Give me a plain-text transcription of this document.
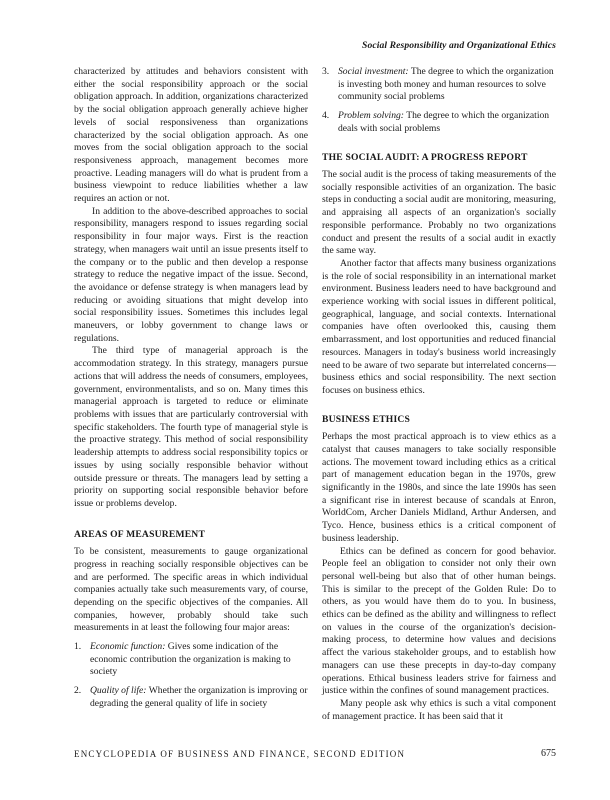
Social Responsibility and Organizational Ethics

characterized by attitudes and behaviors consistent with either the social responsibility approach or the social obligation approach. In addition, organizations characterized by the social obligation approach generally achieve higher levels of social responsiveness than organizations characterized by the social obligation approach. As one moves from the social obligation approach to the social responsiveness approach, management becomes more proactive. Leading managers will do what is prudent from a business viewpoint to reduce liabilities whether a law requires an action or not.

In addition to the above-described approaches to social responsibility, managers respond to issues regarding social responsibility in four major ways. First is the reaction strategy, when managers wait until an issue presents itself to the company or to the public and then develop a response strategy to reduce the negative impact of the issue. Second, the avoidance or defense strategy is when managers lead by reducing or avoiding situations that might develop into social responsibility issues. Sometimes this includes legal maneuvers, or lobby government to change laws or regulations.

The third type of managerial approach is the accommodation strategy. In this strategy, managers pursue actions that will address the needs of consumers, employees, government, environmentalists, and so on. Many times this managerial approach is targeted to reduce or eliminate problems with issues that are particularly controversial with specific stakeholders. The fourth type of managerial style is the proactive strategy. This method of social responsibility leadership attempts to address social responsibility topics or issues by using socially responsible behavior without outside pressure or threats. The managers lead by setting a priority on supporting social responsible behavior before issue or problems develop.

AREAS OF MEASUREMENT

To be consistent, measurements to gauge organizational progress in reaching socially responsible objectives can be and are performed. The specific areas in which individual companies actually take such measurements vary, of course, depending on the specific objectives of the companies. All companies, however, probably should take such measurements in at least the following four major areas:

1. Economic function: Gives some indication of the economic contribution the organization is making to society
2. Quality of life: Whether the organization is improving or degrading the general quality of life in society
3. Social investment: The degree to which the organization is investing both money and human resources to solve community social problems
4. Problem solving: The degree to which the organization deals with social problems
THE SOCIAL AUDIT: A PROGRESS REPORT

The social audit is the process of taking measurements of the socially responsible activities of an organization. The basic steps in conducting a social audit are monitoring, measuring, and appraising all aspects of an organization's socially responsible performance. Probably no two organizations conduct and present the results of a social audit in exactly the same way.

Another factor that affects many business organizations is the role of social responsibility in an international market environment. Business leaders need to have background and experience working with social issues in different political, geographical, language, and social contexts. International companies have often overlooked this, causing them embarrassment, and lost opportunities and reduced financial resources. Managers in today's business world increasingly need to be aware of two separate but interrelated concerns—business ethics and social responsibility. The next section focuses on business ethics.

BUSINESS ETHICS

Perhaps the most practical approach is to view ethics as a catalyst that causes managers to take socially responsible actions. The movement toward including ethics as a critical part of management education began in the 1970s, grew significantly in the 1980s, and since the late 1990s has seen a significant rise in interest because of scandals at Enron, WorldCom, Archer Daniels Midland, Arthur Andersen, and Tyco. Hence, business ethics is a critical component of business leadership.

Ethics can be defined as concern for good behavior. People feel an obligation to consider not only their own personal well-being but also that of other human beings. This is similar to the precept of the Golden Rule: Do to others, as you would have them do to you. In business, ethics can be defined as the ability and willingness to reflect on values in the course of the organization's decision-making process, to determine how values and decisions affect the various stakeholder groups, and to establish how managers can use these precepts in day-to-day company operations. Ethical business leaders strive for fairness and justice within the confines of sound management practices.

Many people ask why ethics is such a vital component of management practice. It has been said that it

ENCYCLOPEDIA OF BUSINESS AND FINANCE, SECOND EDITION	675
